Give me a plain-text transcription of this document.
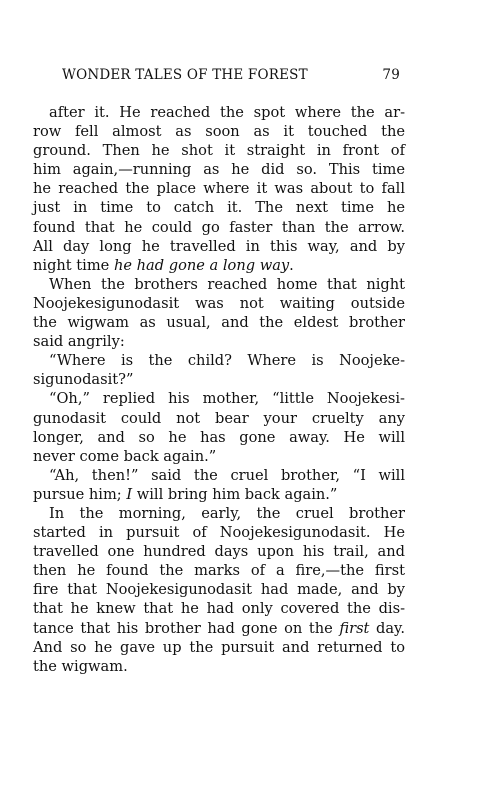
WONDER TALES OF THE FOREST	79
after it. He reached the spot where the ar-
row fell almost as soon as it touched the
ground. Then he shot it straight in front of
him again,—running as he did so. This time
he reached the place where it was about to fall
just in time to catch it. The next time he
found that he could go faster than the arrow.
All day long he travelled in this way, and by
night time he had gone a long way.
When the brothers reached home that night
Noojekesigunodasit was not waiting outside
the wigwam as usual, and the eldest brother
said angrily:
“Where is the child? Where is Noojeke-
sigunodasit?”
“Oh,” replied his mother, “little Noojekesi-
gunodasit could not bear your cruelty any
longer, and so he has gone away. He will
never come back again.”
“Ah, then!” said the cruel brother, “I will
pursue him; I will bring him back again.”
In the morning, early, the cruel brother
started in pursuit of Noojekesigunodasit. He
travelled one hundred days upon his trail, and
then he found the marks of a fire,—the first
fire that Noojekesigunodasit had made, and by
that he knew that he had only covered the dis-
tance that his brother had gone on the first day.
And so he gave up the pursuit and returned to
the wigwam.
